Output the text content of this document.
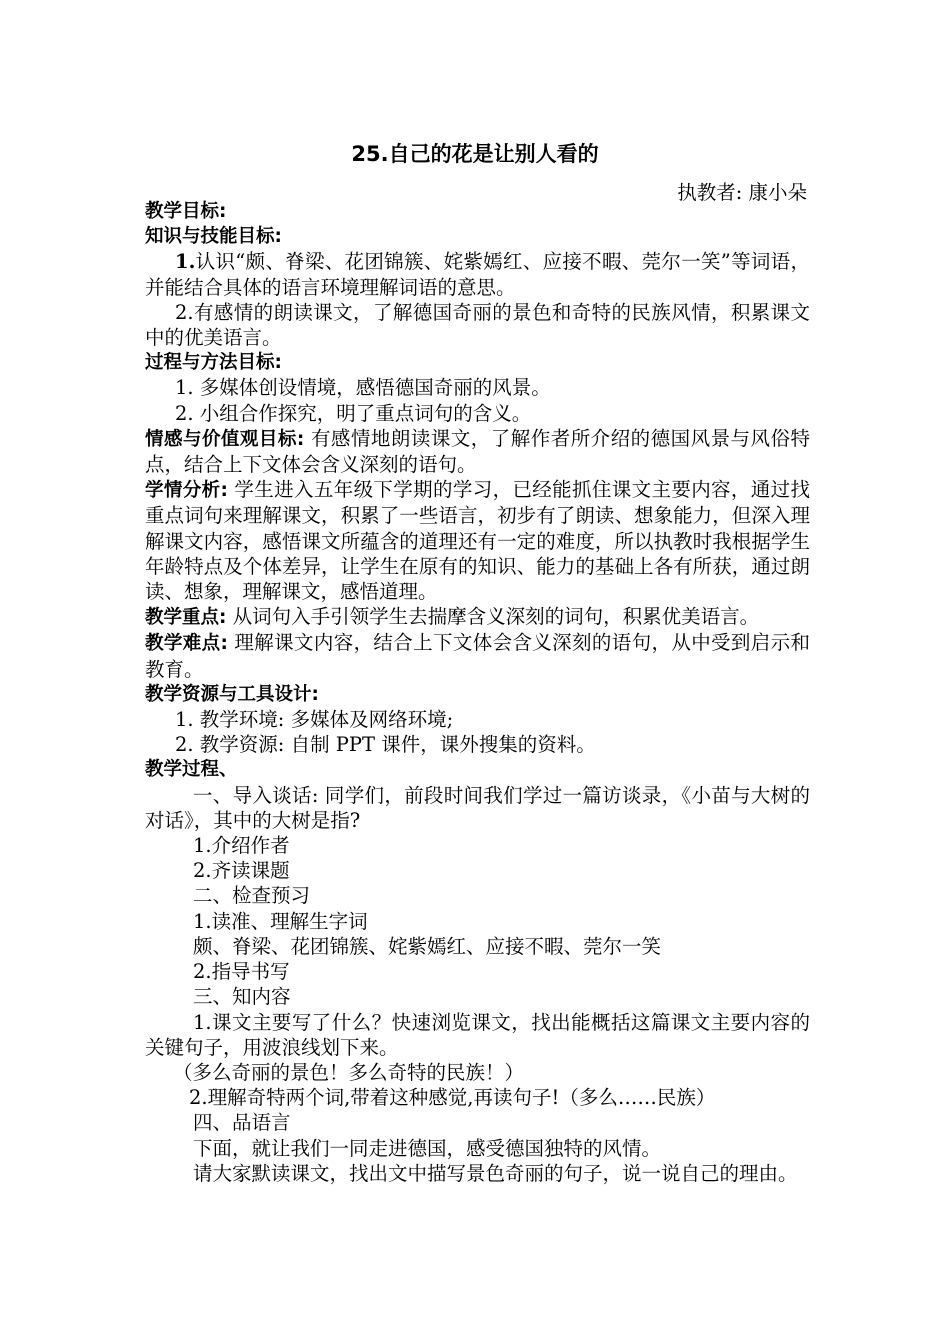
25.自己的花是让别人看的
执教者: 康小朵

教学目标:

知识与技能目标:

1.认识“颇、脊梁、花团锦簇、姹紫嫣红、应接不暇、莞尔一笑”等词语，并能结合具体的语言环境理解词语的意思。

2.有感情的朗读课文，了解德国奇丽的景色和奇特的民族风情，积累课文中的优美语言。

过程与方法目标:

1. 多媒体创设情境，感悟德国奇丽的风景。

2. 小组合作探究，明了重点词句的含义。

情感与价值观目标: 有感情地朗读课文，了解作者所介绍的德国风景与风俗特点，结合上下文体会含义深刻的语句。

学情分析: 学生进入五年级下学期的学习，已经能抓住课文主要内容，通过找重点词句来理解课文，积累了一些语言，初步有了朗读、想象能力，但深入理解课文内容，感悟课文所蕴含的道理还有一定的难度，所以执教时我根据学生年龄特点及个体差异，让学生在原有的知识、能力的基础上各有所获，通过朗读、想象，理解课文，感悟道理。

教学重点: 从词句入手引领学生去揣摩含义深刻的词句，积累优美语言。

教学难点: 理解课文内容，结合上下文体会含义深刻的语句，从中受到启示和教育。

教学资源与工具设计:

1. 教学环境: 多媒体及网络环境;

2. 教学资源: 自制 PPT 课件，课外搜集的资料。

教学过程、

一、导入谈话: 同学们，前段时间我们学过一篇访谈录，《小苗与大树的对话》，其中的大树是指?

1.介绍作者

2.齐读课题

二、检查预习

1.读准、理解生字词

颇、脊梁、花团锦簇、姹紫嫣红、应接不暇、莞尔一笑

2.指导书写

三、知内容

1.课文主要写了什么？快速浏览课文，找出能概括这篇课文主要内容的关键句子，用波浪线划下来。

（多么奇丽的景色！多么奇特的民族！）

2.理解奇特两个词,带着这种感觉,再读句子!（多么……民族）

四、品语言

下面，就让我们一同走进德国，感受德国独特的风情。

请大家默读课文，找出文中描写景色奇丽的句子，说一说自己的理由。
